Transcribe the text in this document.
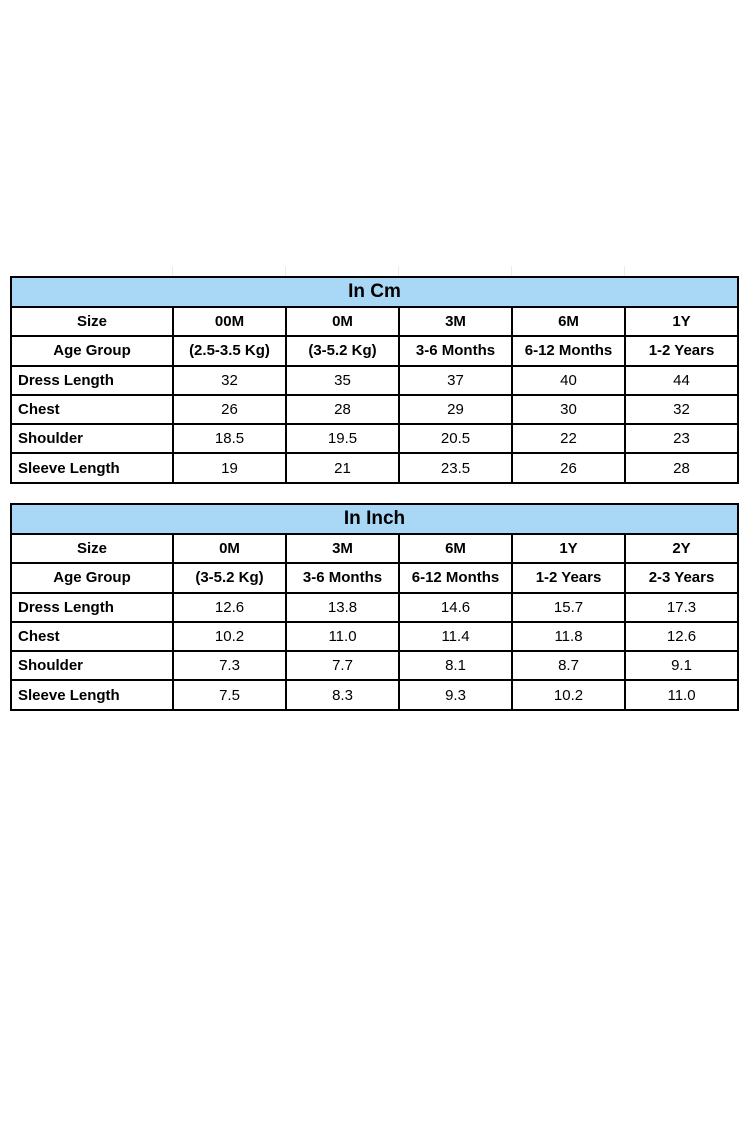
In Cm					
Size	00M	0M	3M	6M	1Y
Age Group	(2.5-3.5 Kg)	(3-5.2 Kg)	3-6 Months	6-12 Months	1-2 Years
Dress Length	32	35	37	40	44
Chest	26	28	29	30	32
Shoulder	18.5	19.5	20.5	22	23
Sleeve Length	19	21	23.5	26	28
In Inch					
Size	0M	3M	6M	1Y	2Y
Age Group	(3-5.2 Kg)	3-6 Months	6-12 Months	1-2 Years	2-3 Years
Dress Length	12.6	13.8	14.6	15.7	17.3
Chest	10.2	11.0	11.4	11.8	12.6
Shoulder	7.3	7.7	8.1	8.7	9.1
Sleeve Length	7.5	8.3	9.3	10.2	11.0
